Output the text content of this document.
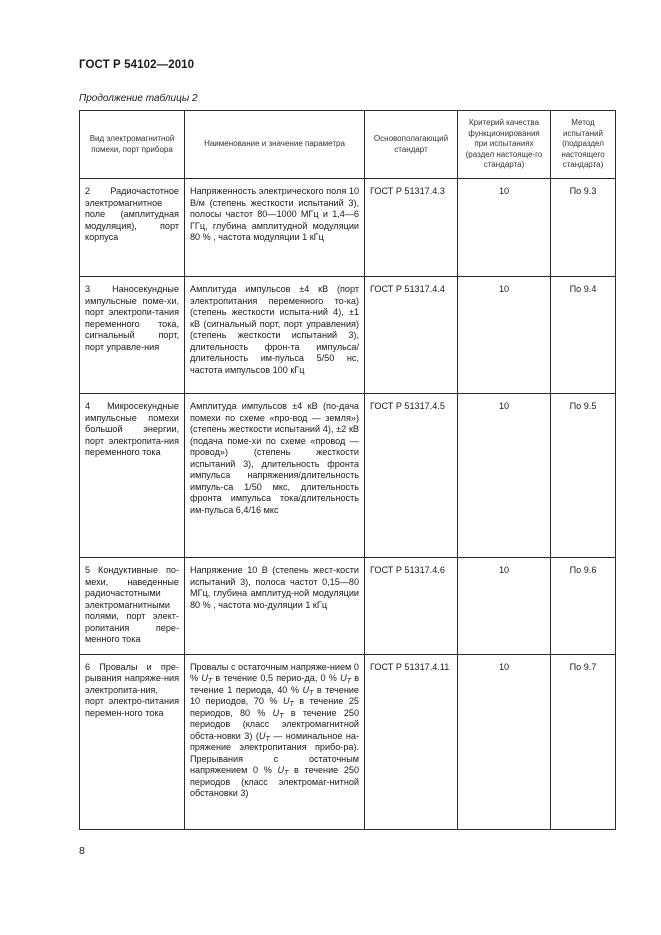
ГОСТ Р 54102—2010
Продолжение таблицы 2
Вид электромагнитной помехи, порт прибора	Наименование и значение параметра	Основополагающий стандарт	Критерий качества функционирования при испытаниях (раздел настояще-го стандарта)	Метод испытаний (подраздел настоящего стандарта)
2 Радиочастотное электромагнитное поле (амплитудная модуляция), порт корпуса	Напряженность электрического поля 10 В/м (степень жесткости испытаний 3), полосы частот 80—1000 МГц и 1,4—6 ГГц, глубина амплитудной модуляции 80 % , частота модуляции 1 кГц	ГОСТ Р 51317.4.3	10	По 9.3
3 Наносекундные импульсные поме-хи, порт электропи-тания переменного тока, сигнальный порт, порт управле-ния	Амплитуда импульсов ±4 кВ (порт электропитания переменного то-ка) (степень жесткости испыта-ний 4), ±1 кВ (сигнальный порт, порт управления) (степень жесткости испытаний 3), длительность фрон-та импульса/длительность им-пульса 5/50 нс, частота импульсов 100 кГц	ГОСТ Р 51317.4.4	10	По 9.4
4 Микросекундные импульсные помехи большой энергии, порт электропита-ния переменного тока	Амплитуда импульсов ±4 кВ (по-дача помехи по схеме «про-вод — земля») (степень жесткости испытаний 4), ±2 кВ (подача поме-хи по схеме «провод — провод») (степень жесткости испытаний 3), длительность фронта импульса напряжения/длительность импуль-са 1/50 мкс, длительность фронта импульса тока/длительность им-пульса 6,4/16 мкс	ГОСТ Р 51317.4.5	10	По 9.5
5 Кондуктивные по-мехи, наведенные радиочастотными электромагнитными полями, порт элект-ропитания пере-менного тока	Напряжение 10 В (степень жест-кости испытаний 3), полоса частот 0,15—80 МГц, глубина амплитуд-ной модуляции 80 % , частота мо-дуляции 1 кГц	ГОСТ Р 51317.4.6	10	По 9.6
6 Провалы и пре-рывания напряже-ния электропита-ния, порт электро-питания перемен-ного тока	Провалы с остаточным напряже-нием 0 % $U_T$ в течение 0,5 перио-да, 0 % $U_T$ в течение 1 периода, 40 % $U_T$ в течение 10 периодов, 70 % $U_T$ в течение 25 периодов, 80 % $U_T$ в течение 250 периодов (класс электромагнитной обста-новки 3) ($U_T$ — номинальное на-пряжение электропитания прибо-ра). Прерывания с остаточным напряжением 0 % $U_T$ в течение 250 периодов (класс электромаг-нитной обстановки 3)	ГОСТ Р 51317.4.11	10	По 9.7
8
